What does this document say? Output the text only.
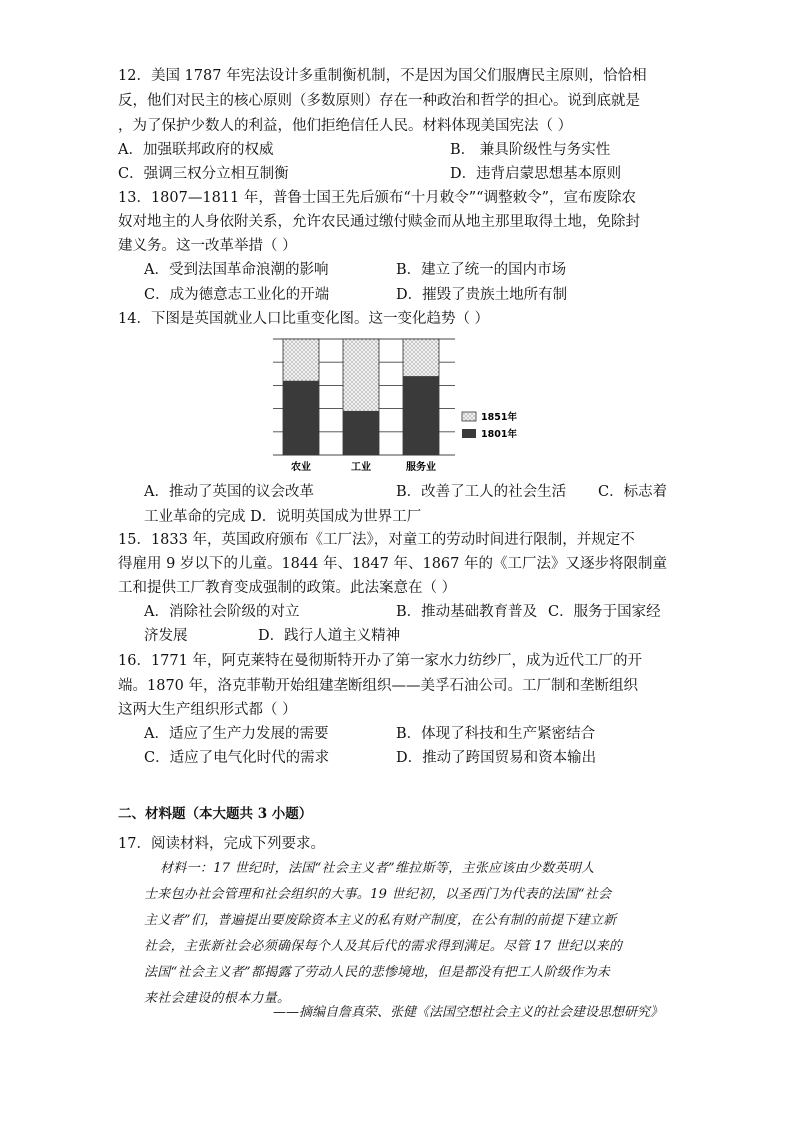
12．美国 1787 年宪法设计多重制衡机制，不是因为国父们服膺民主原则，恰恰相
反，他们对民主的核心原则（多数原则）存在一种政治和哲学的担心。说到底就是
，为了保护少数人的利益，他们拒绝信任人民。材料体现美国宪法（ ）
A．加强联邦政府的权威	B． 兼具阶级性与务实性
C．强调三权分立相互制衡	D．违背启蒙思想基本原则
13．1807—1811 年，普鲁士国王先后颁布“十月敕令”“调整敕令”，宣布废除农
奴对地主的人身依附关系，允许农民通过缴付赎金而从地主那里取得土地，免除封
建义务。这一改革举措（ ）
A．受到法国革命浪潮的影响	B．建立了统一的国内市场
C．成为德意志工业化的开端	D．摧毁了贵族土地所有制
14．下图是英国就业人口比重变化图。这一变化趋势（ ）
农业	工业	服务业
1851年
1801年
A．推动了英国的议会改革	B．改善了工人的社会生活 C．标志着
工业革命的完成 D．说明英国成为世界工厂
15．1833 年，英国政府颁布《工厂法》，对童工的劳动时间进行限制，并规定不
得雇用 9 岁以下的儿童。1844 年、1847 年、1867 年的《工厂法》又逐步将限制童
工和提供工厂教育变成强制的政策。此法案意在（ ）
A．消除社会阶级的对立	B．推动基础教育普及 C．服务于国家经
济发展	D．践行人道主义精神
16．1771 年，阿克莱特在曼彻斯特开办了第一家水力纺纱厂，成为近代工厂的开
端。1870 年，洛克菲勒开始组建垄断组织——美孚石油公司。工厂制和垄断组织
这两大生产组织形式都（ ）
A．适应了生产力发展的需要	B．体现了科技和生产紧密结合
C．适应了电气化时代的需求	D．推动了跨国贸易和资本输出
二、材料题（本大题共 3 小题）
17．阅读材料，完成下列要求。
材料一：17 世纪时，法国“社会主义者”维拉斯等，主张应该由少数英明人
士来包办社会管理和社会组织的大事。19 世纪初，以圣西门为代表的法国“社会
主义者”们，普遍提出要废除资本主义的私有财产制度，在公有制的前提下建立新
社会，主张新社会必须确保每个人及其后代的需求得到满足。尽管 17 世纪以来的
法国“社会主义者”都揭露了劳动人民的悲惨境地，但是都没有把工人阶级作为未
来社会建设的根本力量。
——摘编自詹真荣、张健《法国空想社会主义的社会建设思想研究》
